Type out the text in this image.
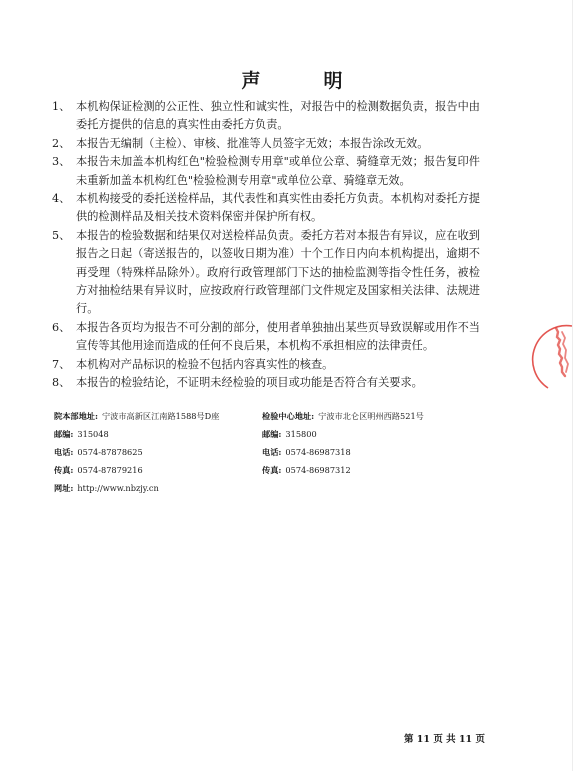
声　明
1、 本机构保证检测的公正性、独立性和诚实性，对报告中的检测数据负责，报告中由委托方提供的信息的真实性由委托方负责。
2、 本报告无编制（主检）、审核、批准等人员签字无效；本报告涂改无效。
3、 本报告未加盖本机构红色"检验检测专用章"或单位公章、骑缝章无效；报告复印件未重新加盖本机构红色"检验检测专用章"或单位公章、骑缝章无效。
4、 本机构接受的委托送检样品，其代表性和真实性由委托方负责。本机构对委托方提供的检测样品及相关技术资料保密并保护所有权。
5、 本报告的检验数据和结果仅对送检样品负责。委托方若对本报告有异议，应在收到报告之日起（寄送报告的，以签收日期为准）十个工作日内向本机构提出，逾期不再受理（特殊样品除外）。政府行政管理部门下达的抽检监测等指令性任务，被检方对抽检结果有异议时，应按政府行政管理部门文件规定及国家相关法律、法规进行。
6、 本报告各页均为报告不可分割的部分，使用者单独抽出某些页导致误解或用作不当宣传等其他用途而造成的任何不良后果，本机构不承担相应的法律责任。
7、 本机构对产品标识的检验不包括内容真实性的核查。
8、 本报告的检验结论，不证明未经检验的项目或功能是否符合有关要求。
院本部地址: 宁波市高新区江南路1588号D座
邮编: 315048
电话: 0574-87878625
传真: 0574-87879216
网址: http://www.nbzjy.cn
检验中心地址: 宁波市北仑区明州西路521号
邮编: 315800
电话: 0574-86987318
传真: 0574-86987312
第 11 页 共 11 页
